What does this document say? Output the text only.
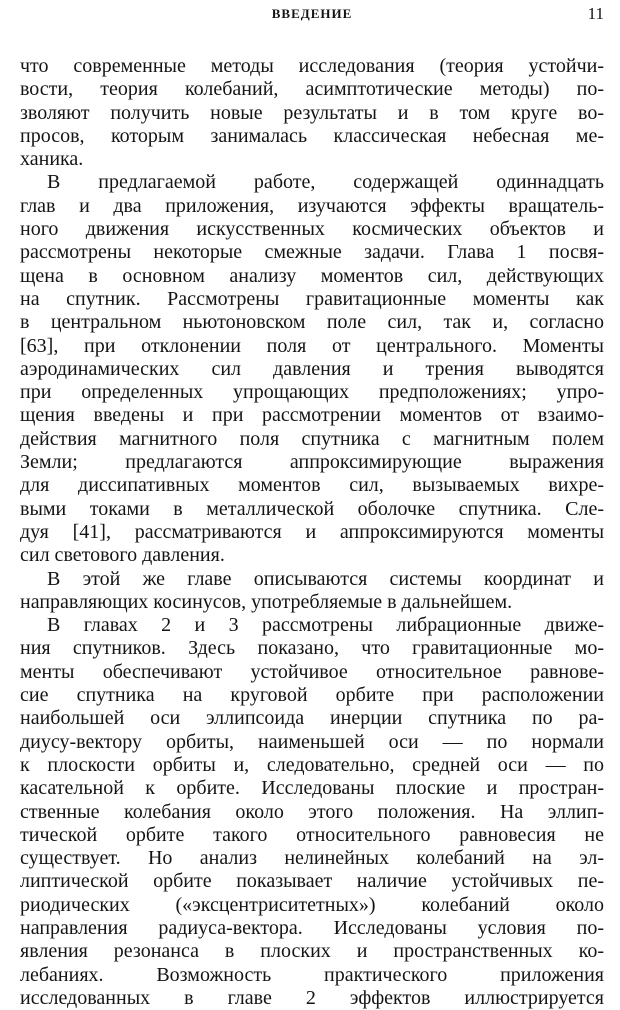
ВВЕДЕНИЕ	11
что современные методы исследования (теория устойчи-
вости, теория колебаний, асимптотические методы) по-
зволяют получить новые результаты и в том круге во-
просов, которым занималась классическая небесная ме-
ханика.
В предлагаемой работе, содержащей одиннадцать
глав и два приложения, изучаются эффекты вращатель-
ного движения искусственных космических объектов и
рассмотрены некоторые смежные задачи. Глава 1 посвя-
щена в основном анализу моментов сил, действующих
на спутник. Рассмотрены гравитационные моменты как
в центральном ньютоновском поле сил, так и, согласно
[63], при отклонении поля от центрального. Моменты
аэродинамических сил давления и трения выводятся
при определенных упрощающих предположениях; упро-
щения введены и при рассмотрении моментов от взаимо-
действия магнитного поля спутника с магнитным полем
Земли; предлагаются аппроксимирующие выражения
для диссипативных моментов сил, вызываемых вихре-
выми токами в металлической оболочке спутника. Сле-
дуя [41], рассматриваются и аппроксимируются моменты
сил светового давления.
В этой же главе описываются системы координат и
направляющих косинусов, употребляемые в дальнейшем.
В главах 2 и 3 рассмотрены либрационные движе-
ния спутников. Здесь показано, что гравитационные мо-
менты обеспечивают устойчивое относительное равнове-
сие спутника на круговой орбите при расположении
наибольшей оси эллипсоида инерции спутника по ра-
диусу-вектору орбиты, наименьшей оси — по нормали
к плоскости орбиты и, следовательно, средней оси — по
касательной к орбите. Исследованы плоские и простран-
ственные колебания около этого положения. На эллип-
тической орбите такого относительного равновесия не
существует. Но анализ нелинейных колебаний на эл-
липтической орбите показывает наличие устойчивых пе-
риодических («эксцентриситетных») колебаний около
направления радиуса-вектора. Исследованы условия по-
явления резонанса в плоских и пространственных ко-
лебаниях. Возможность практического приложения
исследованных в главе 2 эффектов иллюстрируется
